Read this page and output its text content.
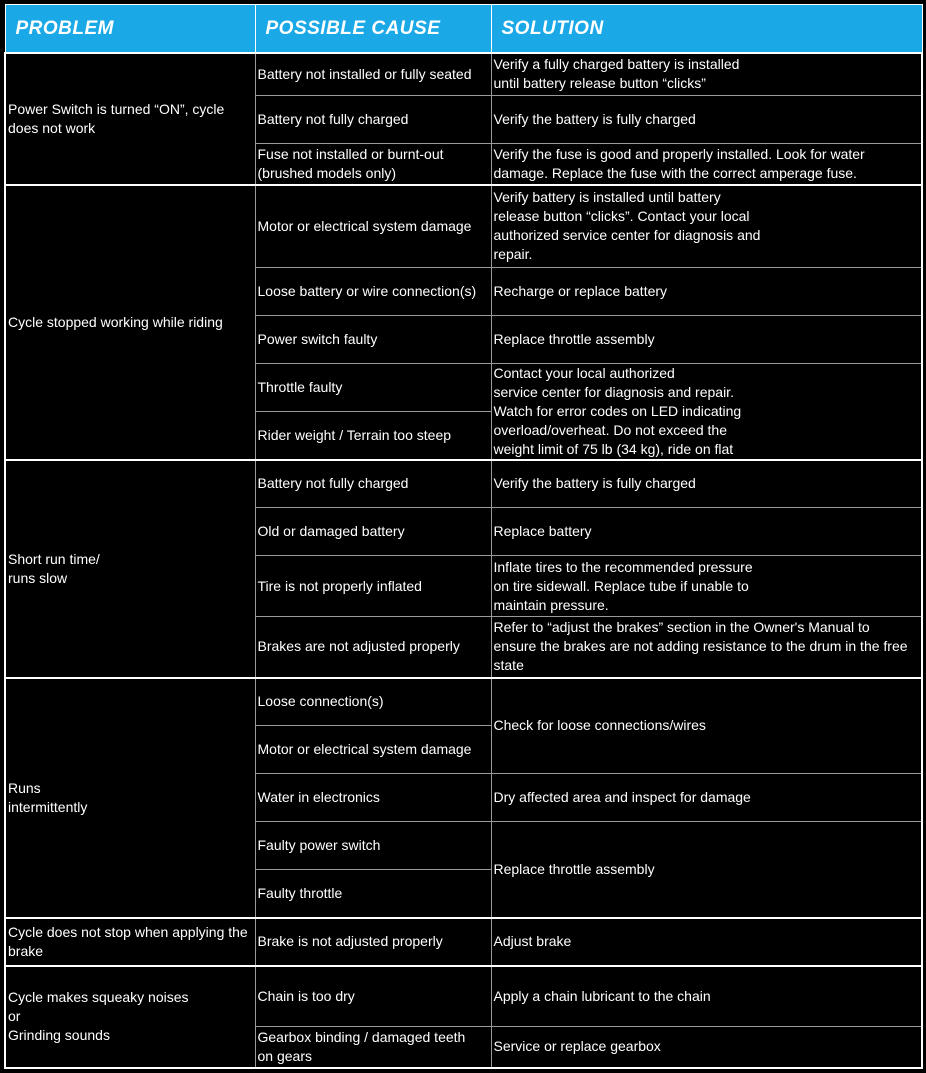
PROBLEM	POSSIBLE CAUSE	SOLUTION
Power Switch is turned “ON”, cycle
does not work	Battery not installed or fully seated	Verify a fully charged battery is installed
until battery release button “clicks”
	Battery not fully charged	Verify the battery is fully charged
	Fuse not installed or burnt-out
(brushed models only)	Verify the fuse is good and properly installed. Look for water
damage. Replace the fuse with the correct amperage fuse.
Cycle stopped working while riding	Motor or electrical system damage	Verify battery is installed until battery
release button “clicks”. Contact your local
authorized service center for diagnosis and
repair.
	Loose battery or wire connection(s)	Recharge or replace battery
	Power switch faulty	Replace throttle assembly
	Throttle faulty	Contact your local authorized
service center for diagnosis and repair.
Watch for error codes on LED indicating
overload/overheat. Do not exceed the
weight limit of 75 lb (34 kg), ride on flat
	Rider weight / Terrain too steep	
Short run time/
runs slow	Battery not fully charged	Verify the battery is fully charged
	Old or damaged battery	Replace battery
	Tire is not properly inflated	Inflate tires to the recommended pressure
on tire sidewall. Replace tube if unable to
maintain pressure.
	Brakes are not adjusted properly	Refer to “adjust the brakes” section in the Owner's Manual to
ensure the brakes are not adding resistance to the drum in the free
state
Runs
intermittently	Loose connection(s)	Check for loose connections/wires
	Motor or electrical system damage	
	Water in electronics	Dry affected area and inspect for damage
	Faulty power switch	Replace throttle assembly
	Faulty throttle	
Cycle does not stop when applying the
brake	Brake is not adjusted properly	Adjust brake
Cycle makes squeaky noises
or
Grinding sounds	Chain is too dry	Apply a chain lubricant to the chain
	Gearbox binding / damaged teeth
on gears	Service or replace gearbox
